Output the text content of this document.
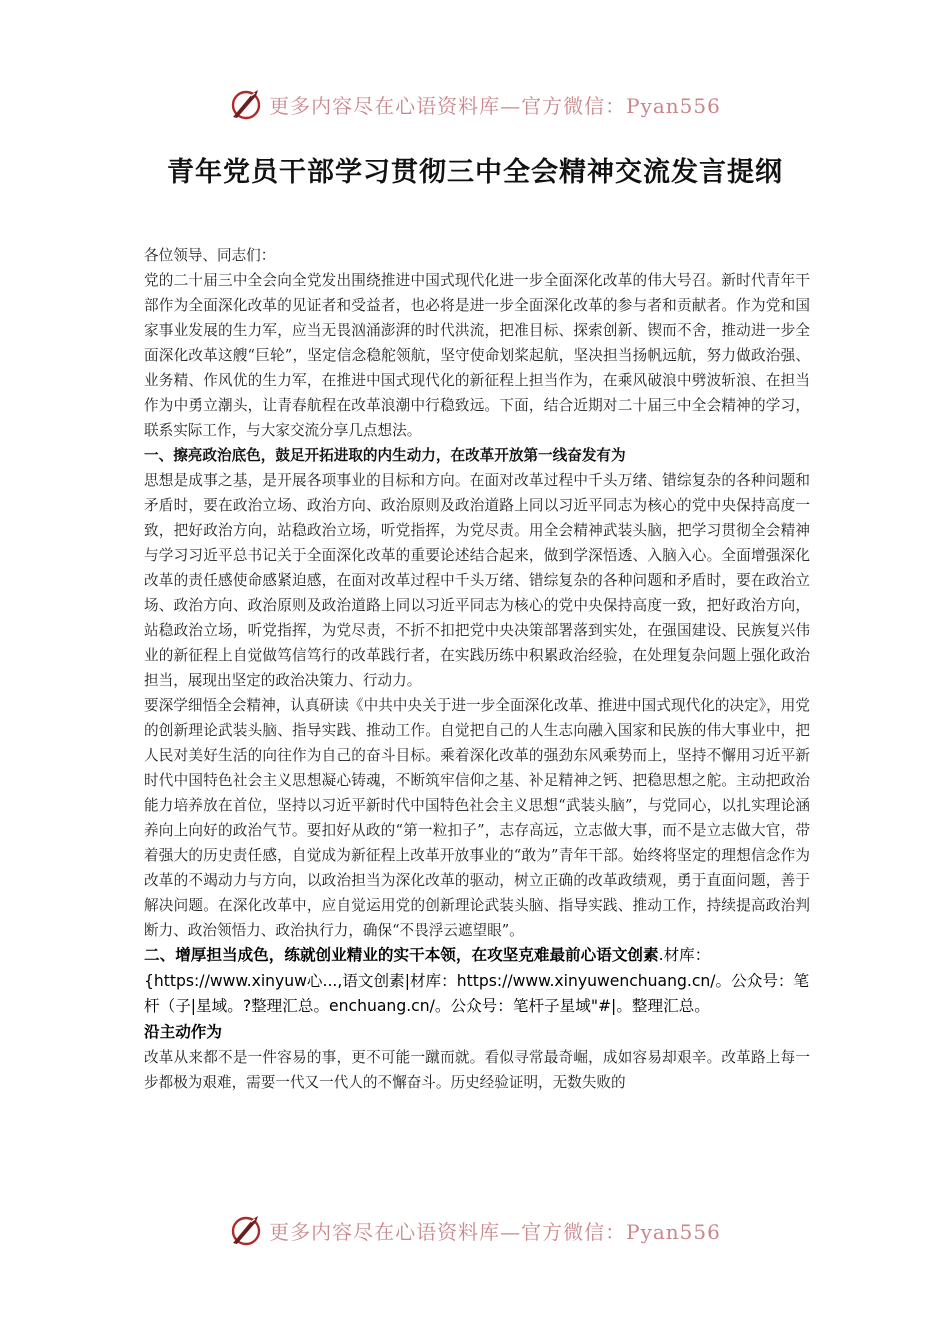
更多内容尽在心语资料库—官方微信：Pyan556
青年党员干部学习贯彻三中全会精神交流发言提纲

各位领导、同志们：

党的二十届三中全会向全党发出围绕推进中国式现代化进一步全面深化改革的伟大号召。新时代青年干部作为全面深化改革的见证者和受益者，也必将是进一步全面深化改革的参与者和贡献者。作为党和国家事业发展的生力军，应当无畏汹涌澎湃的时代洪流，把准目标、探索创新、锲而不舍，推动进一步全面深化改革这艘“巨轮”，坚定信念稳舵领航，坚守使命划桨起航，坚决担当扬帆远航，努力做政治强、业务精、作风优的生力军，在推进中国式现代化的新征程上担当作为，在乘风破浪中劈波斩浪、在担当作为中勇立潮头，让青春航程在改革浪潮中行稳致远。下面，结合近期对二十届三中全会精神的学习，联系实际工作，与大家交流分享几点想法。

一、擦亮政治底色，鼓足开拓进取的内生动力，在改革开放第一线奋发有为

思想是成事之基，是开展各项事业的目标和方向。在面对改革过程中千头万绪、错综复杂的各种问题和矛盾时，要在政治立场、政治方向、政治原则及政治道路上同以习近平同志为核心的党中央保持高度一致，把好政治方向，站稳政治立场，听党指挥，为党尽责。用全会精神武装头脑，把学习贯彻全会精神与学习习近平总书记关于全面深化改革的重要论述结合起来，做到学深悟透、入脑入心。全面增强深化改革的责任感使命感紧迫感，在面对改革过程中千头万绪、错综复杂的各种问题和矛盾时，要在政治立场、政治方向、政治原则及政治道路上同以习近平同志为核心的党中央保持高度一致，把好政治方向，站稳政治立场，听党指挥，为党尽责，不折不扣把党中央决策部署落到实处，在强国建设、民族复兴伟业的新征程上自觉做笃信笃行的改革践行者，在实践历练中积累政治经验，在处理复杂问题上强化政治担当，展现出坚定的政治决策力、行动力。

要深学细悟全会精神，认真研读《中共中央关于进一步全面深化改革、推进中国式现代化的决定》，用党的创新理论武装头脑、指导实践、推动工作。自觉把自己的人生志向融入国家和民族的伟大事业中，把人民对美好生活的向往作为自己的奋斗目标。乘着深化改革的强劲东风乘势而上，坚持不懈用习近平新时代中国特色社会主义思想凝心铸魂，不断筑牢信仰之基、补足精神之钙、把稳思想之舵。主动把政治能力培养放在首位，坚持以习近平新时代中国特色社会主义思想“武装头脑”，与党同心，以扎实理论涵养向上向好的政治气节。要扣好从政的“第一粒扣子”，志存高远，立志做大事，而不是立志做大官，带着强大的历史责任感，自觉成为新征程上改革开放事业的“敢为”青年干部。始终将坚定的理想信念作为改革的不竭动力与方向，以政治担当为深化改革的驱动，树立正确的改革政绩观，勇于直面问题，善于解决问题。在深化改革中，应自觉运用党的创新理论武装头脑、指导实践、推动工作，持续提高政治判断力、政治领悟力、政治执行力，确保“不畏浮云遮望眼”。

二、增厚担当成色，练就创业精业的实干本领，在攻坚克难最前心语文创素.材库：{https://www.xinyuw心...,语文创素|材库：https://www.xinyuwenchuang.cn/。公众号：笔杆（子|星域。?整理汇总。enchuang.cn/。公众号：笔杆子星域"#|。整理汇总。
沿主动作为

改革从来都不是一件容易的事，更不可能一蹴而就。看似寻常最奇崛，成如容易却艰辛。改革路上每一步都极为艰难，需要一代又一代人的不懈奋斗。历史经验证明，无数失败的

更多内容尽在心语资料库—官方微信：Pyan556
